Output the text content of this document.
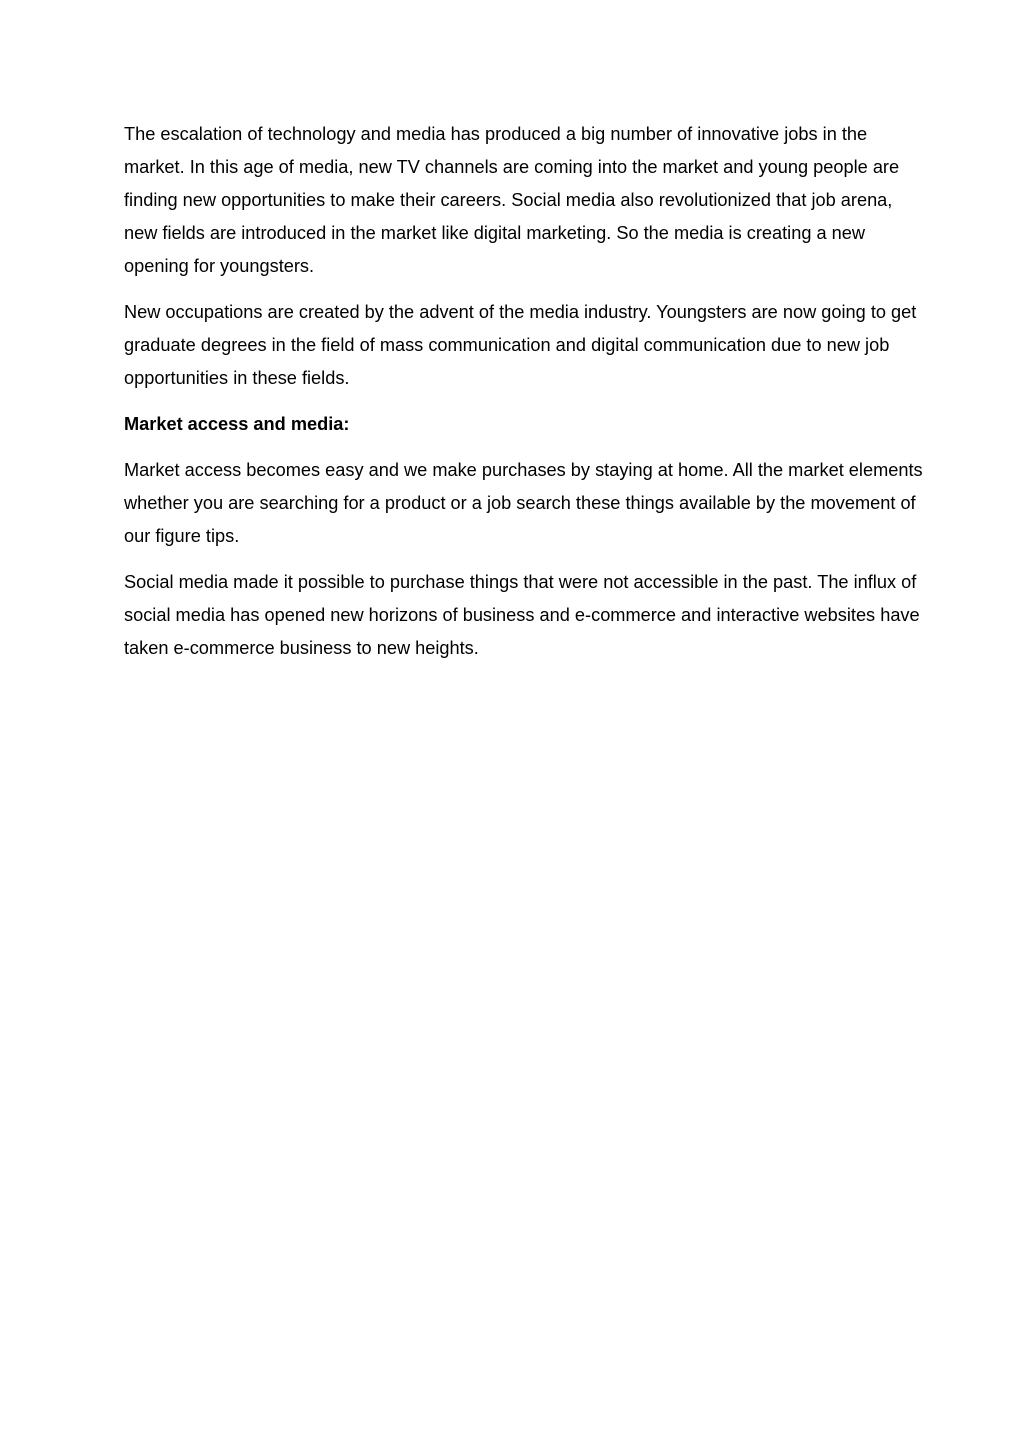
The escalation of technology and media has produced a big number of innovative jobs in the market. In this age of media, new TV channels are coming into the market and young people are finding new opportunities to make their careers. Social media also revolutionized that job arena, new fields are introduced in the market like digital marketing. So the media is creating a new opening for youngsters.

New occupations are created by the advent of the media industry. Youngsters are now going to get graduate degrees in the field of mass communication and digital communication due to new job opportunities in these fields.

Market access and media:

Market access becomes easy and we make purchases by staying at home. All the market elements whether you are searching for a product or a job search these things available by the movement of our figure tips.

Social media made it possible to purchase things that were not accessible in the past. The influx of social media has opened new horizons of business and e-commerce and interactive websites have taken e-commerce business to new heights.
